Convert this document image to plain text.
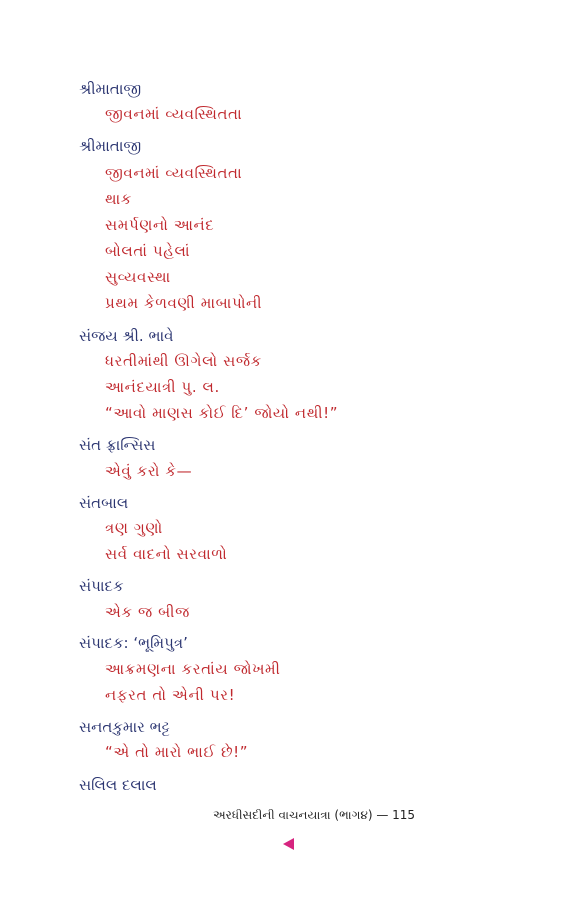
શ્રીમાતાજી
જીવનમાં વ્યવસ્થિતતા
શ્રીમાતાજી
જીવનમાં વ્યવસ્થિતતા
થાક
સમર્પણનો આનંદ
બોલતાં પહેલાં
સુવ્યવસ્થા
પ્રથમ કેળવણી માબાપોની
સંજય શ્રી. ભાવે
ધરતીમાંથી ઊગેલો સર્જક
આનંદયાત્રી પુ. લ.
“આવો માણસ કોઈ દિ’ જોયો નથી!”
સંત ફ્રાન્સિસ
એવું કરો કે—
સંતબાલ
ત્રણ ગુણો
સર્વ વાદનો સરવાળો
સંપાદક
એક જ બીજ
સંપાદક: ‘ભૂમિપુત્ર’
આક્રમણના કરતાંય જોખમી
નફરત તો એની પર!
સનતકુમાર ભટ્ટ
“એ તો મારો ભાઈ છે!”
સલિલ દલાલ
અરધીસદીની વાચનયાત્રા (ભાગ૪) — 115
